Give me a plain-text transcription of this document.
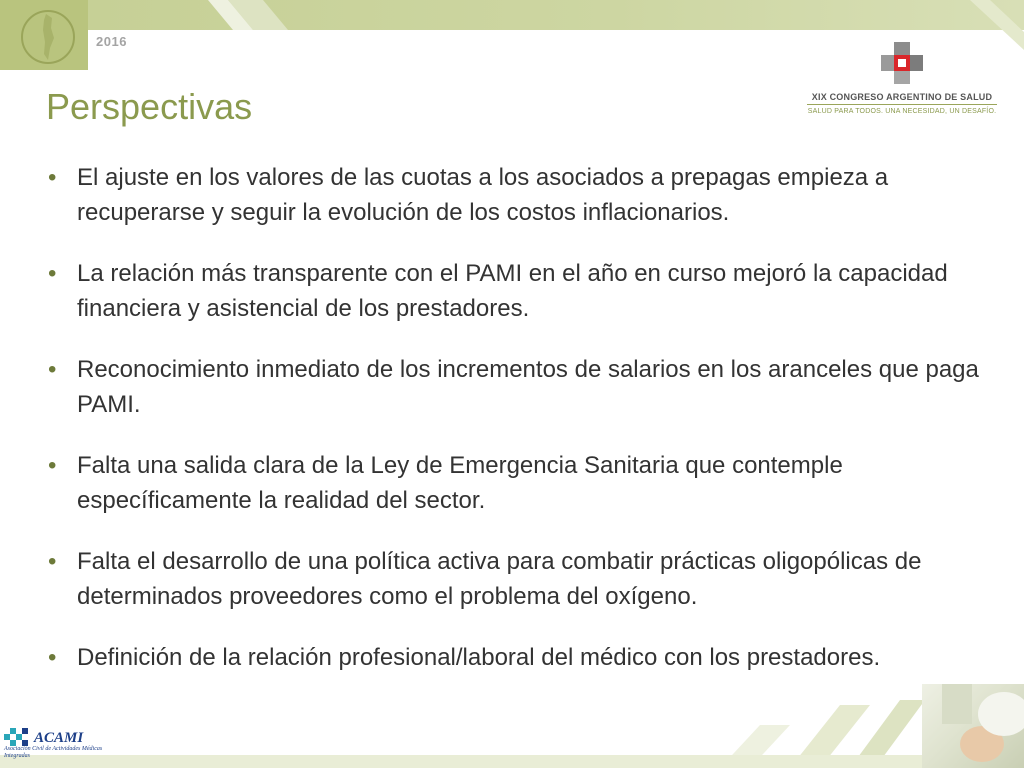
2016
Perspectivas	XIX CONGRESO ARGENTINO DE SALUD
SALUD PARA TODOS. UNA NECESIDAD, UN DESAFÍO.
• El ajuste en los valores de las cuotas a los asociados a prepagas empieza a recuperarse y seguir la evolución de los costos inflacionarios.
• La relación más transparente con el PAMI en el año en curso mejoró la capacidad financiera y asistencial de los prestadores.
• Reconocimiento inmediato de los incrementos de salarios en los aranceles que paga PAMI.
• Falta una salida clara de la Ley de Emergencia Sanitaria que contemple específicamente la realidad del sector.
• Falta el desarrollo de una política activa para combatir prácticas oligopólicas de determinados proveedores como el problema del oxígeno.
• Definición de la relación profesional/laboral del médico con los prestadores.
ACAMI
Asociación Civil de Actividades Médicas Integradas
